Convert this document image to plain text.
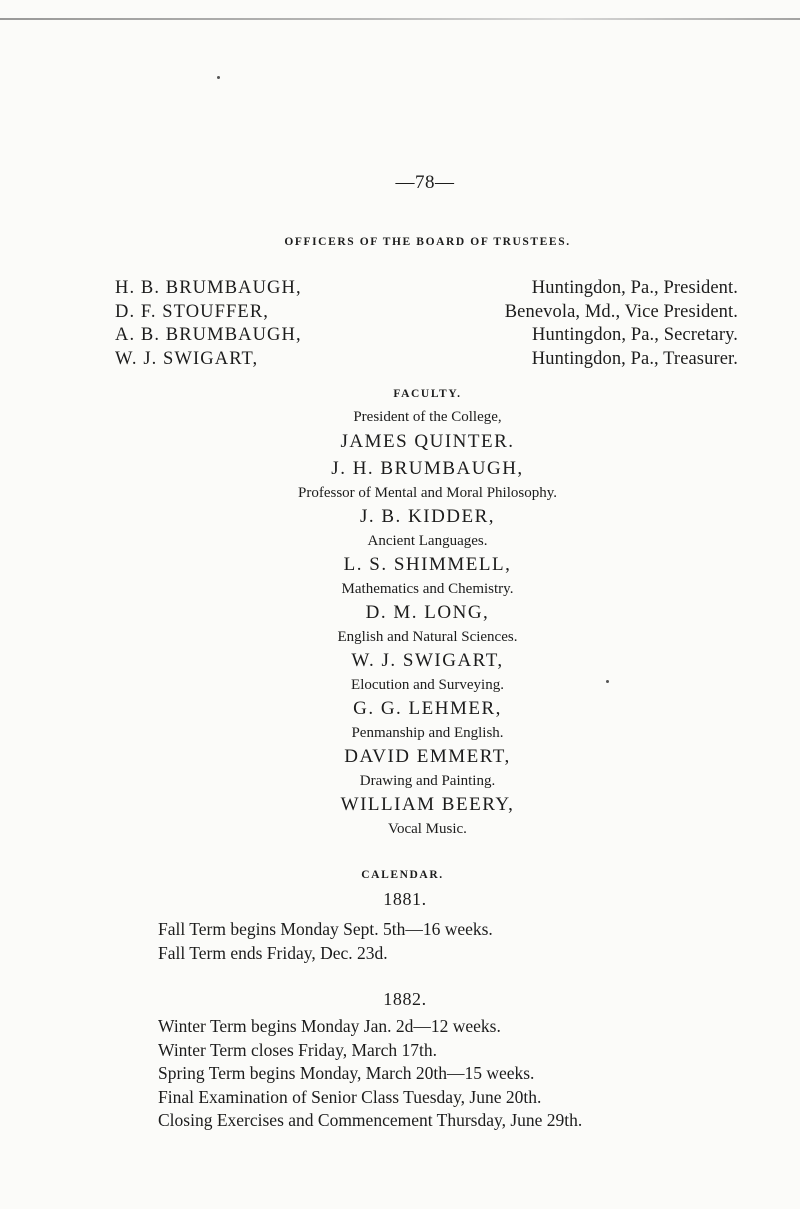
—78—
OFFICERS OF THE BOARD OF TRUSTEES.
H. B. BRUMBAUGH,	Huntingdon, Pa., President.
D. F. STOUFFER,	Benevola, Md., Vice President.
A. B. BRUMBAUGH,	Huntingdon, Pa., Secretary.
W. J. SWIGART,	Huntingdon, Pa., Treasurer.
FACULTY.
President of the College,
JAMES QUINTER.
J. H. BRUMBAUGH,
Professor of Mental and Moral Philosophy.
J. B. KIDDER,
Ancient Languages.
L. S. SHIMMELL,
Mathematics and Chemistry.
D. M. LONG,
English and Natural Sciences.
W. J. SWIGART,
Elocution and Surveying.
G. G. LEHMER,
Penmanship and English.
DAVID EMMERT,
Drawing and Painting.
WILLIAM BEERY,
Vocal Music.
CALENDAR.
1881.
Fall Term begins Monday Sept. 5th—16 weeks.
Fall Term ends Friday, Dec. 23d.
1882.
Winter Term begins Monday Jan. 2d—12 weeks.
Winter Term closes Friday, March 17th.
Spring Term begins Monday, March 20th—15 weeks.
Final Examination of Senior Class Tuesday, June 20th.
Closing Exercises and Commencement Thursday, June 29th.
